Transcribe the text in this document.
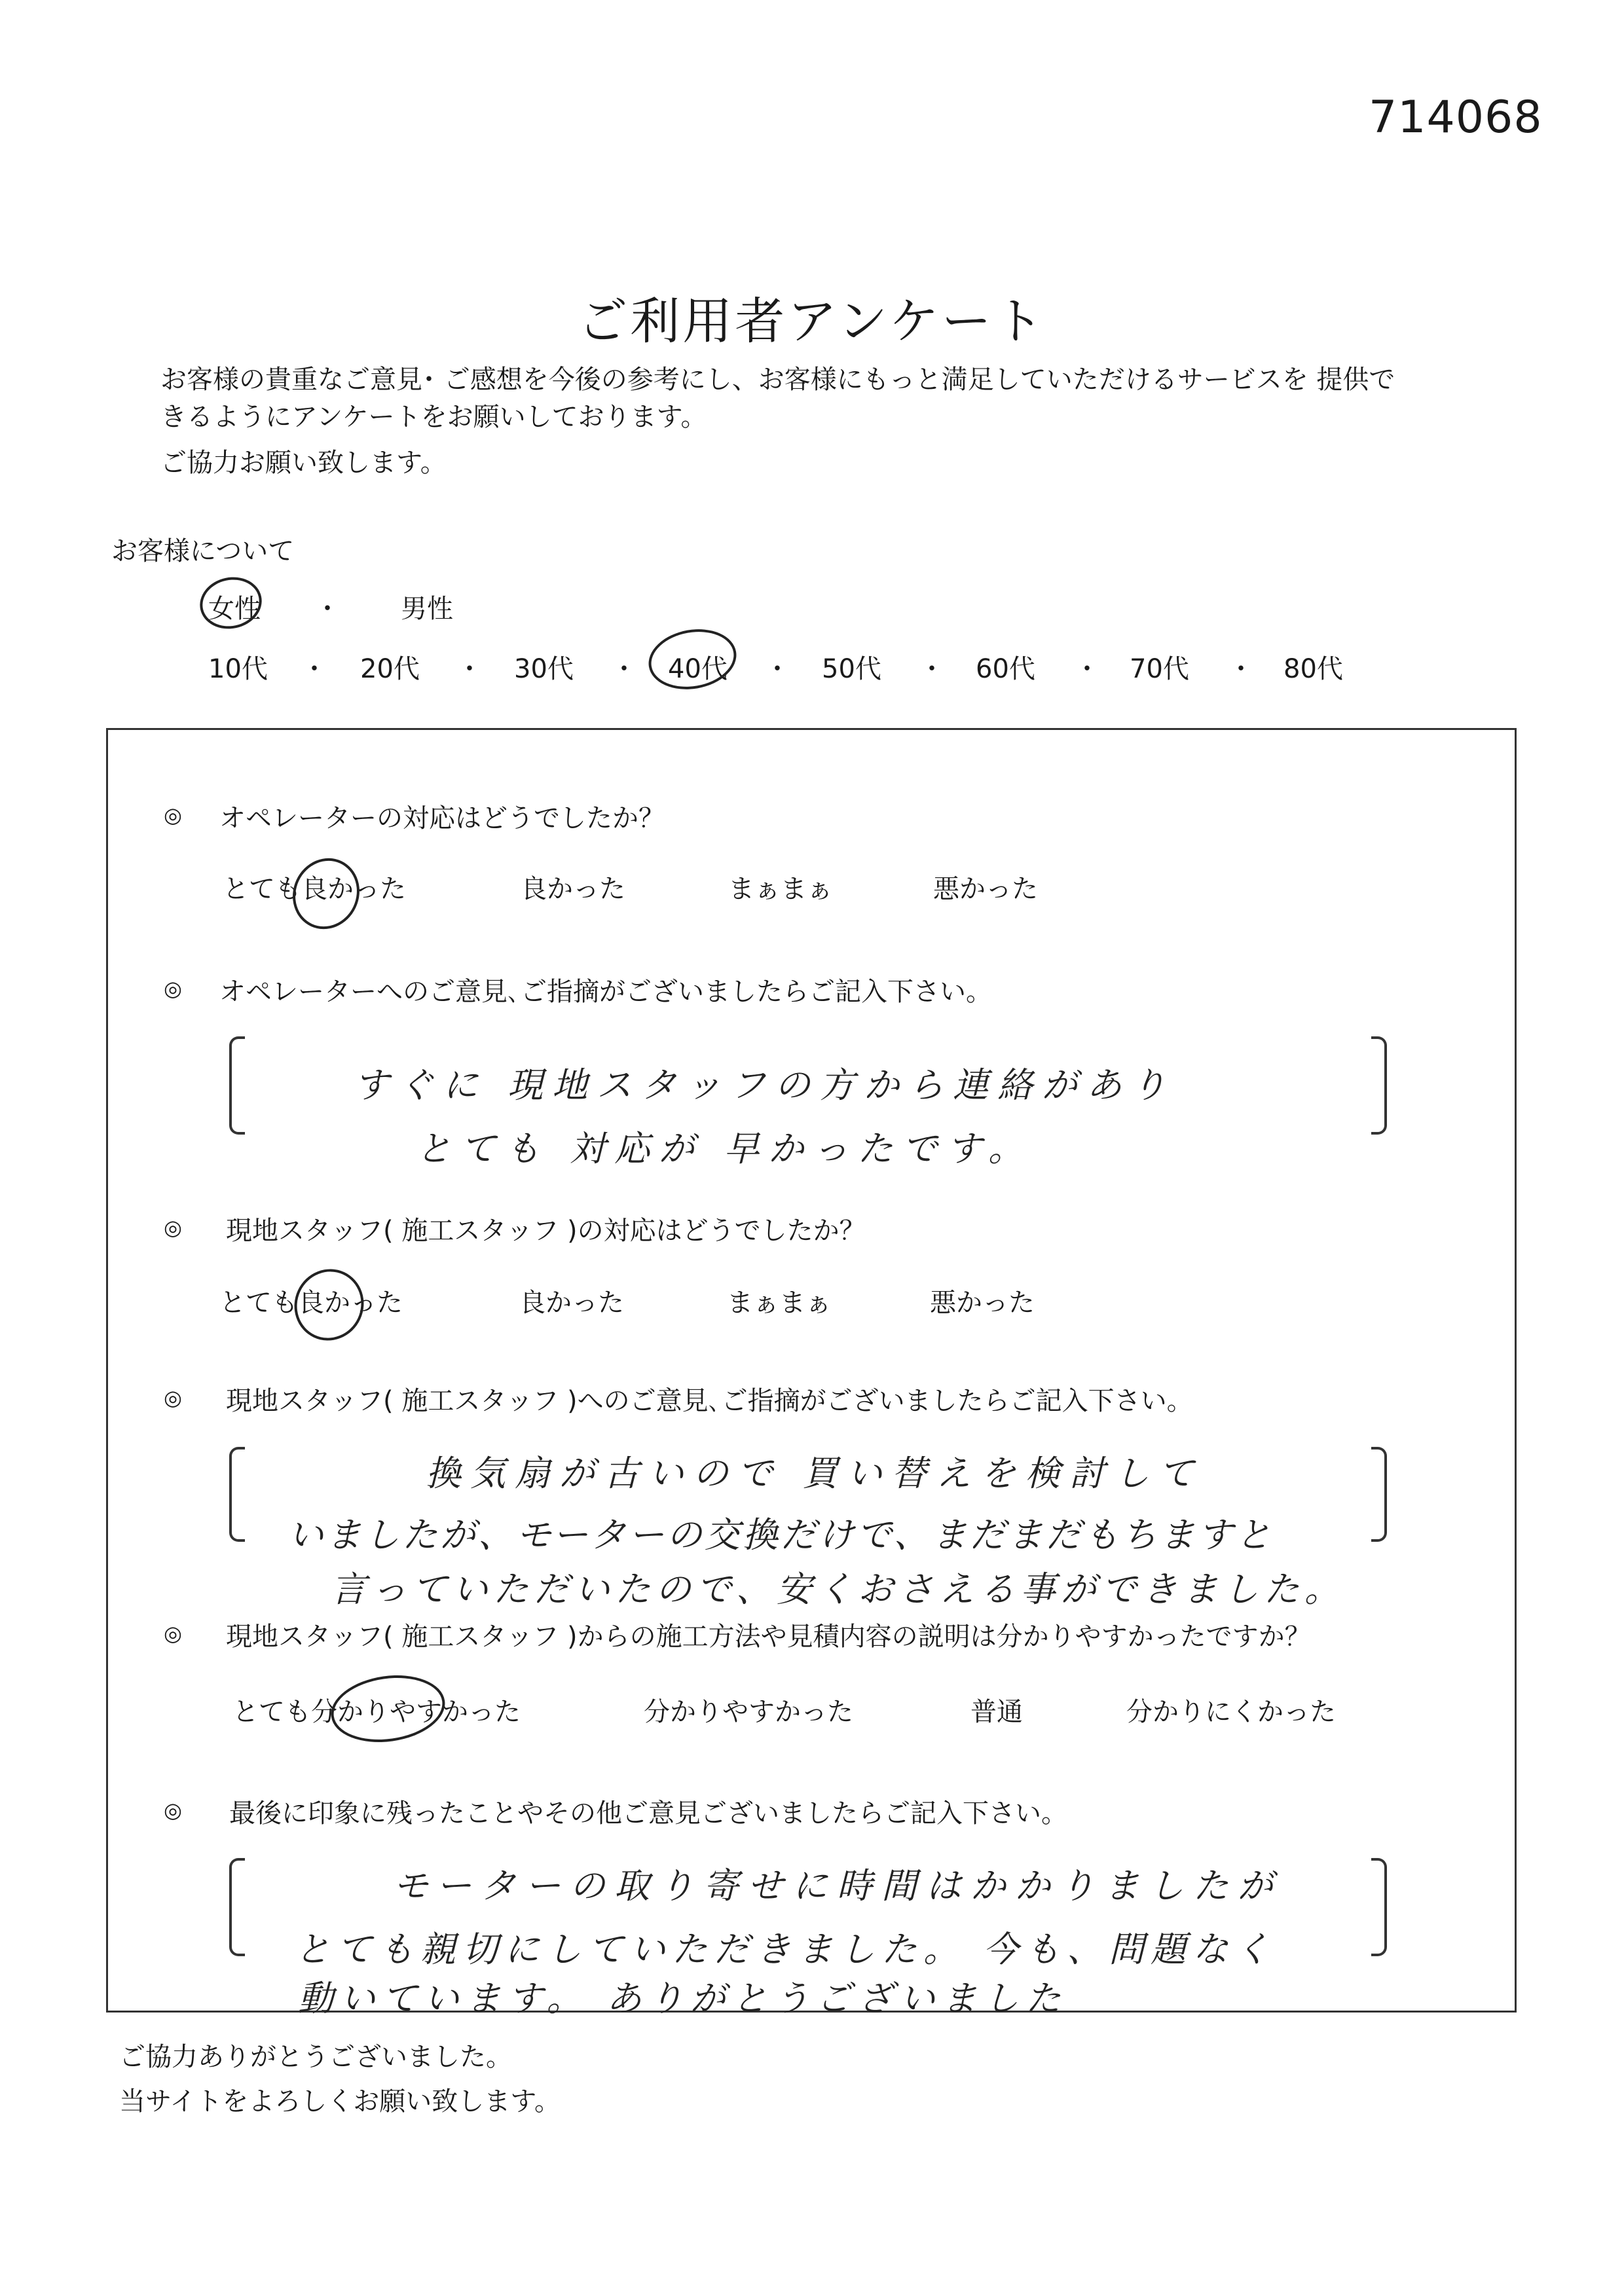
714068
ご利用者アンケート
お客様の貴重なご意見･ ご感想を今後の参考にし、お客様にもっと満足していただけるサービスを 提供で
きるようにアンケートをお願いしております。
ご協力お願い致します。
お客様について
女性 ・ 男性
10代 ・ 20代 ・ 30代 ・ 40代 ・ 50代 ・ 60代 ・ 70代 ・ 80代
◎ オペレーターの対応はどうでしたか？
とても良かった	良かった	まぁまぁ	悪かった
◎ オペレーターへのご意見､ご指摘がございましたらご記入下さい。
すぐに 現地スタッフの方から連絡があり
とても 対応が 早かったです。
◎ 現地スタッフ( 施工スタッフ )の対応はどうでしたか？
とても良かった	良かった	まぁまぁ	悪かった
◎ 現地スタッフ( 施工スタッフ )へのご意見､ご指摘がございましたらご記入下さい。
換気扇が古いので 買い替えを検討して
いましたが、モーターの交換だけで、まだまだもちますと
言っていただいたので、安くおさえる事ができました。
◎ 現地スタッフ( 施工スタッフ )からの施工方法や見積内容の説明は分かりやすかったですか？
とても分かりやすかった	分かりやすかった	普通	分かりにくかった
◎ 最後に印象に残ったことやその他ご意見ございましたらご記入下さい。
モーターの取り寄せに時間はかかりましたが
とても親切にしていただきました。 今も、問題なく
動いています。 ありがとうございました
ご協力ありがとうございました。
当サイトをよろしくお願い致します。
